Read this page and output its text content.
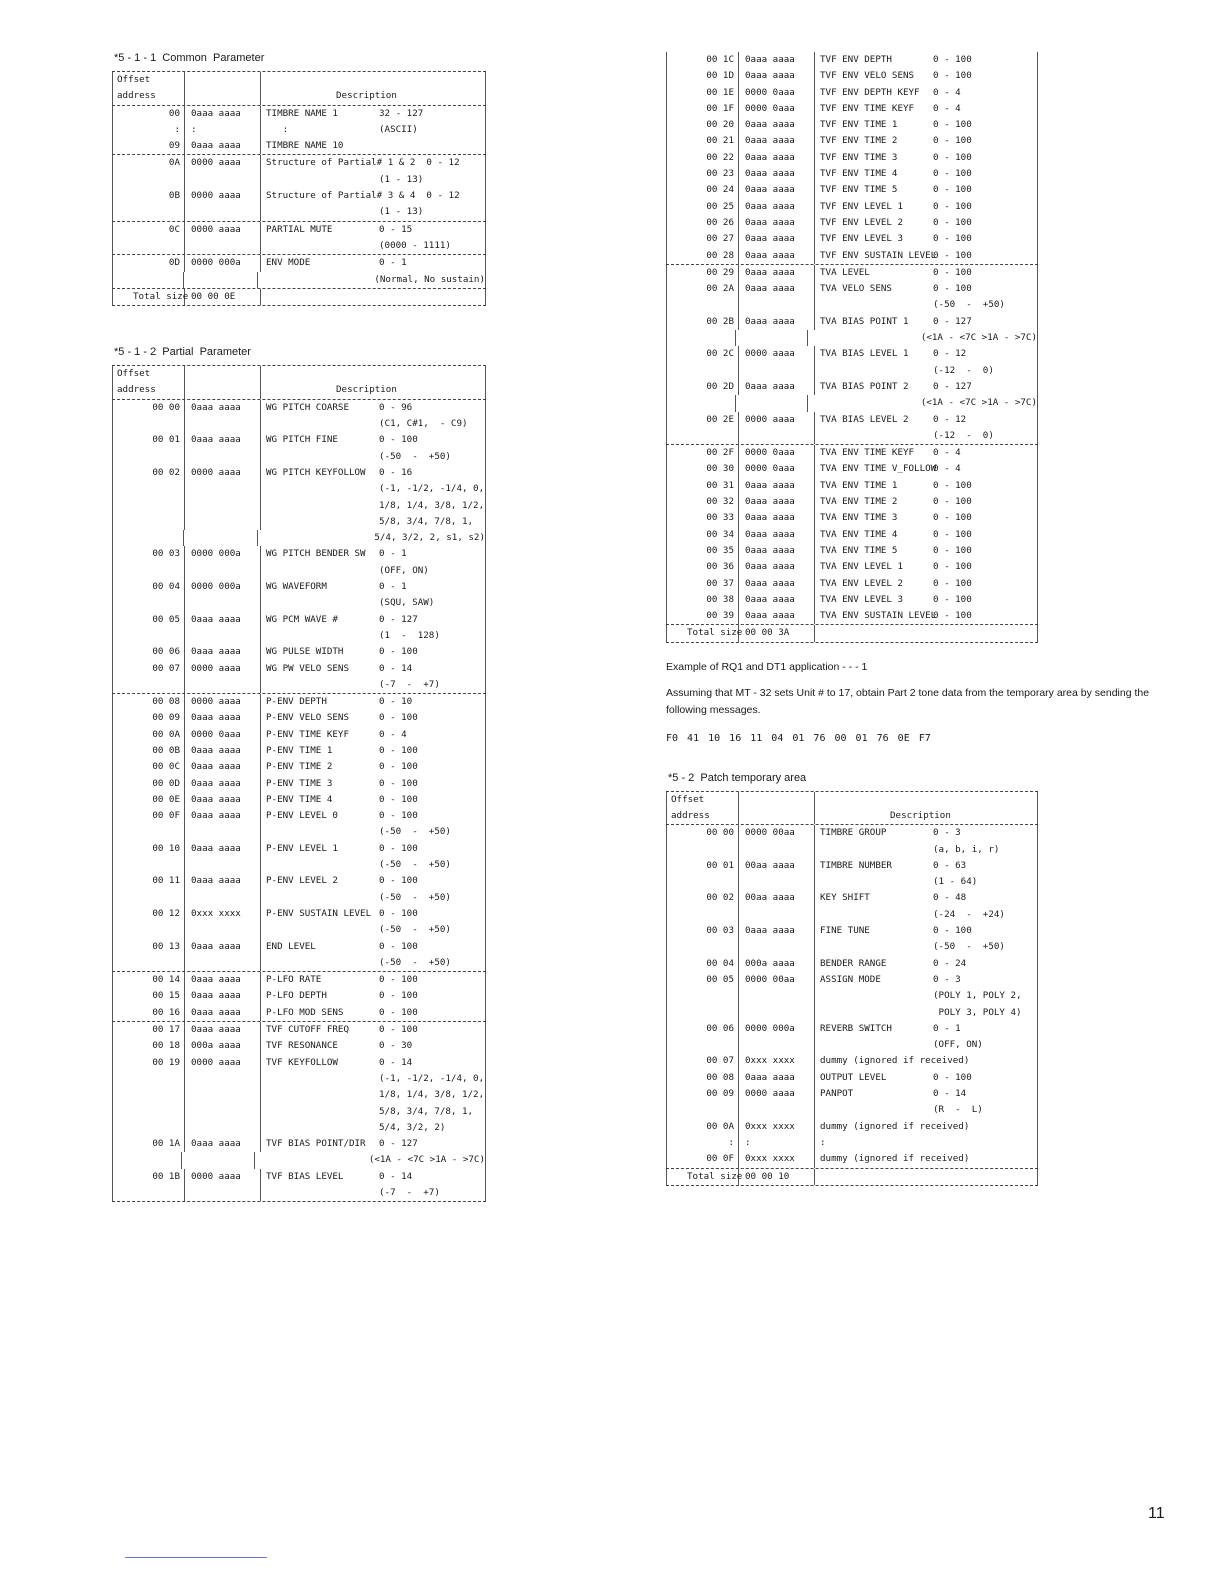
*5 - 1 - 1  Common  Parameter
Offset
address	Description
00	0aaa aaaa	TIMBRE NAME 1	32 - 127
:	:	:	(ASCII)
09	0aaa aaaa	TIMBRE NAME 10
0A	0000 aaaa	Structure of Partial# 1 & 2  0 - 12
(1 - 13)
0B	0000 aaaa	Structure of Partial# 3 & 4  0 - 12
(1 - 13)
0C	0000 aaaa	PARTIAL MUTE	0 - 15
(0000 - 1111)
0D	0000 000a	ENV MODE	0 - 1
(Normal, No sustain)
Total size 00 00 0E
*5 - 1 - 2  Partial  Parameter
Offset
address	Description
00 00	0aaa aaaa	WG PITCH COARSE	0 - 96
(C1, C#1,  - C9)
00 01	0aaa aaaa	WG PITCH FINE	0 - 100
(-50  -  +50)
00 02	0000 aaaa	WG PITCH KEYFOLLOW	0 - 16
(-1, -1/2, -1/4, 0,
1/8, 1/4, 3/8, 1/2,
5/8, 3/4, 7/8, 1,
5/4, 3/2, 2, s1, s2)
00 03	0000 000a	WG PITCH BENDER SW	0 - 1
(OFF, ON)
00 04	0000 000a	WG WAVEFORM	0 - 1
(SQU, SAW)
00 05	0aaa aaaa	WG PCM WAVE #	0 - 127
(1  -  128)
00 06	0aaa aaaa	WG PULSE WIDTH	0 - 100
00 07	0000 aaaa	WG PW VELO SENS	0 - 14
(-7  -  +7)
00 08	0000 aaaa	P-ENV DEPTH	0 - 10
00 09	0aaa aaaa	P-ENV VELO SENS	0 - 100
00 0A	0000 0aaa	P-ENV TIME KEYF	0 - 4
00 0B	0aaa aaaa	P-ENV TIME 1	0 - 100
00 0C	0aaa aaaa	P-ENV TIME 2	0 - 100
00 0D	0aaa aaaa	P-ENV TIME 3	0 - 100
00 0E	0aaa aaaa	P-ENV TIME 4	0 - 100
00 0F	0aaa aaaa	P-ENV LEVEL 0	0 - 100
(-50  -  +50)
00 10	0aaa aaaa	P-ENV LEVEL 1	0 - 100
(-50  -  +50)
00 11	0aaa aaaa	P-ENV LEVEL 2	0 - 100
(-50  -  +50)
00 12	0xxx xxxx	P-ENV SUSTAIN LEVEL 0 - 100
(-50  -  +50)
00 13	0aaa aaaa	END LEVEL	0 - 100
(-50  -  +50)
00 14	0aaa aaaa	P-LFO RATE	0 - 100
00 15	0aaa aaaa	P-LFO DEPTH	0 - 100
00 16	0aaa aaaa	P-LFO MOD SENS	0 - 100
00 17	0aaa aaaa	TVF CUTOFF FREQ	0 - 100
00 18	000a aaaa	TVF RESONANCE	0 - 30
00 19	0000 aaaa	TVF KEYFOLLOW	0 - 14
(-1, -1/2, -1/4, 0,
1/8, 1/4, 3/8, 1/2,
5/8, 3/4, 7/8, 1,
5/4, 3/2, 2)
00 1A	0aaa aaaa	TVF BIAS POINT/DIR	0 - 127
(<1A - <7C >1A - >7C)
00 1B	0000 aaaa	TVF BIAS LEVEL	0 - 14
(-7  -  +7)
00 1C	0aaa aaaa	TVF ENV DEPTH	0 - 100
00 1D	0aaa aaaa	TVF ENV VELO SENS	0 - 100
00 1E	0000 0aaa	TVF ENV DEPTH KEYF	0 - 4
00 1F	0000 0aaa	TVF ENV TIME KEYF	0 - 4
00 20	0aaa aaaa	TVF ENV TIME 1	0 - 100
00 21	0aaa aaaa	TVF ENV TIME 2	0 - 100
00 22	0aaa aaaa	TVF ENV TIME 3	0 - 100
00 23	0aaa aaaa	TVF ENV TIME 4	0 - 100
00 24	0aaa aaaa	TVF ENV TIME 5	0 - 100
00 25	0aaa aaaa	TVF ENV LEVEL 1	0 - 100
00 26	0aaa aaaa	TVF ENV LEVEL 2	0 - 100
00 27	0aaa aaaa	TVF ENV LEVEL 3	0 - 100
00 28	0aaa aaaa	TVF ENV SUSTAIN LEVEL
0 - 100
00 29	0aaa aaaa	TVA LEVEL	0 - 100
00 2A	0aaa aaaa	TVA VELO SENS	0 - 100
(-50  -  +50)
00 2B	0aaa aaaa	TVA BIAS POINT 1	0 - 127
(<1A - <7C >1A - >7C)
00 2C	0000 aaaa	TVA BIAS LEVEL 1	0 - 12
(-12  -  0)
00 2D	0aaa aaaa	TVA BIAS POINT 2	0 - 127
(<1A - <7C >1A - >7C)
00 2E	0000 aaaa	TVA BIAS LEVEL 2	0 - 12
(-12  -  0)
00 2F	0000 0aaa	TVA ENV TIME KEYF	0 - 4
00 30	0000 0aaa	TVA ENV TIME V_FOLLOW
0 - 4
00 31	0aaa aaaa	TVA ENV TIME 1	0 - 100
00 32	0aaa aaaa	TVA ENV TIME 2	0 - 100
00 33	0aaa aaaa	TVA ENV TIME 3	0 - 100
00 34	0aaa aaaa	TVA ENV TIME 4	0 - 100
00 35	0aaa aaaa	TVA ENV TIME 5	0 - 100
00 36	0aaa aaaa	TVA ENV LEVEL 1	0 - 100
00 37	0aaa aaaa	TVA ENV LEVEL 2	0 - 100
00 38	0aaa aaaa	TVA ENV LEVEL 3	0 - 100
00 39	0aaa aaaa	TVA ENV SUSTAIN LEVEL
0 - 100
Total size 00 00 3A

Example of RQ1 and DT1 application - - - 1

Assuming that MT - 32 sets Unit # to 17, obtain Part 2 tone data from the temporary area by sending the following messages.

F0 41 10 16 11 04 01 76 00 01 76 0E F7

*5 - 2  Patch temporary area
Offset
address	Description
00 00	0000 00aa	TIMBRE GROUP	0 - 3
(a, b, i, r)
00 01	00aa aaaa	TIMBRE NUMBER	0 - 63
(1 - 64)
00 02	00aa aaaa	KEY SHIFT	0 - 48
(-24  -  +24)
00 03	0aaa aaaa	FINE TUNE	0 - 100
(-50  -  +50)
00 04	000a aaaa	BENDER RANGE	0 - 24
00 05	0000 00aa	ASSIGN MODE	0 - 3
(POLY 1, POLY 2,
POLY 3, POLY 4)
00 06	0000 000a	REVERB SWITCH	0 - 1
(OFF, ON)
00 07	0xxx xxxx	dummy (ignored if received)
00 08	0aaa aaaa	OUTPUT LEVEL	0 - 100
00 09	0000 aaaa	PANPOT	0 - 14
(R  -  L)
00 0A	0xxx xxxx	dummy (ignored if received)
:	:	:
00 0F	0xxx xxxx	dummy (ignored if received)
Total size 00 00 10
11
